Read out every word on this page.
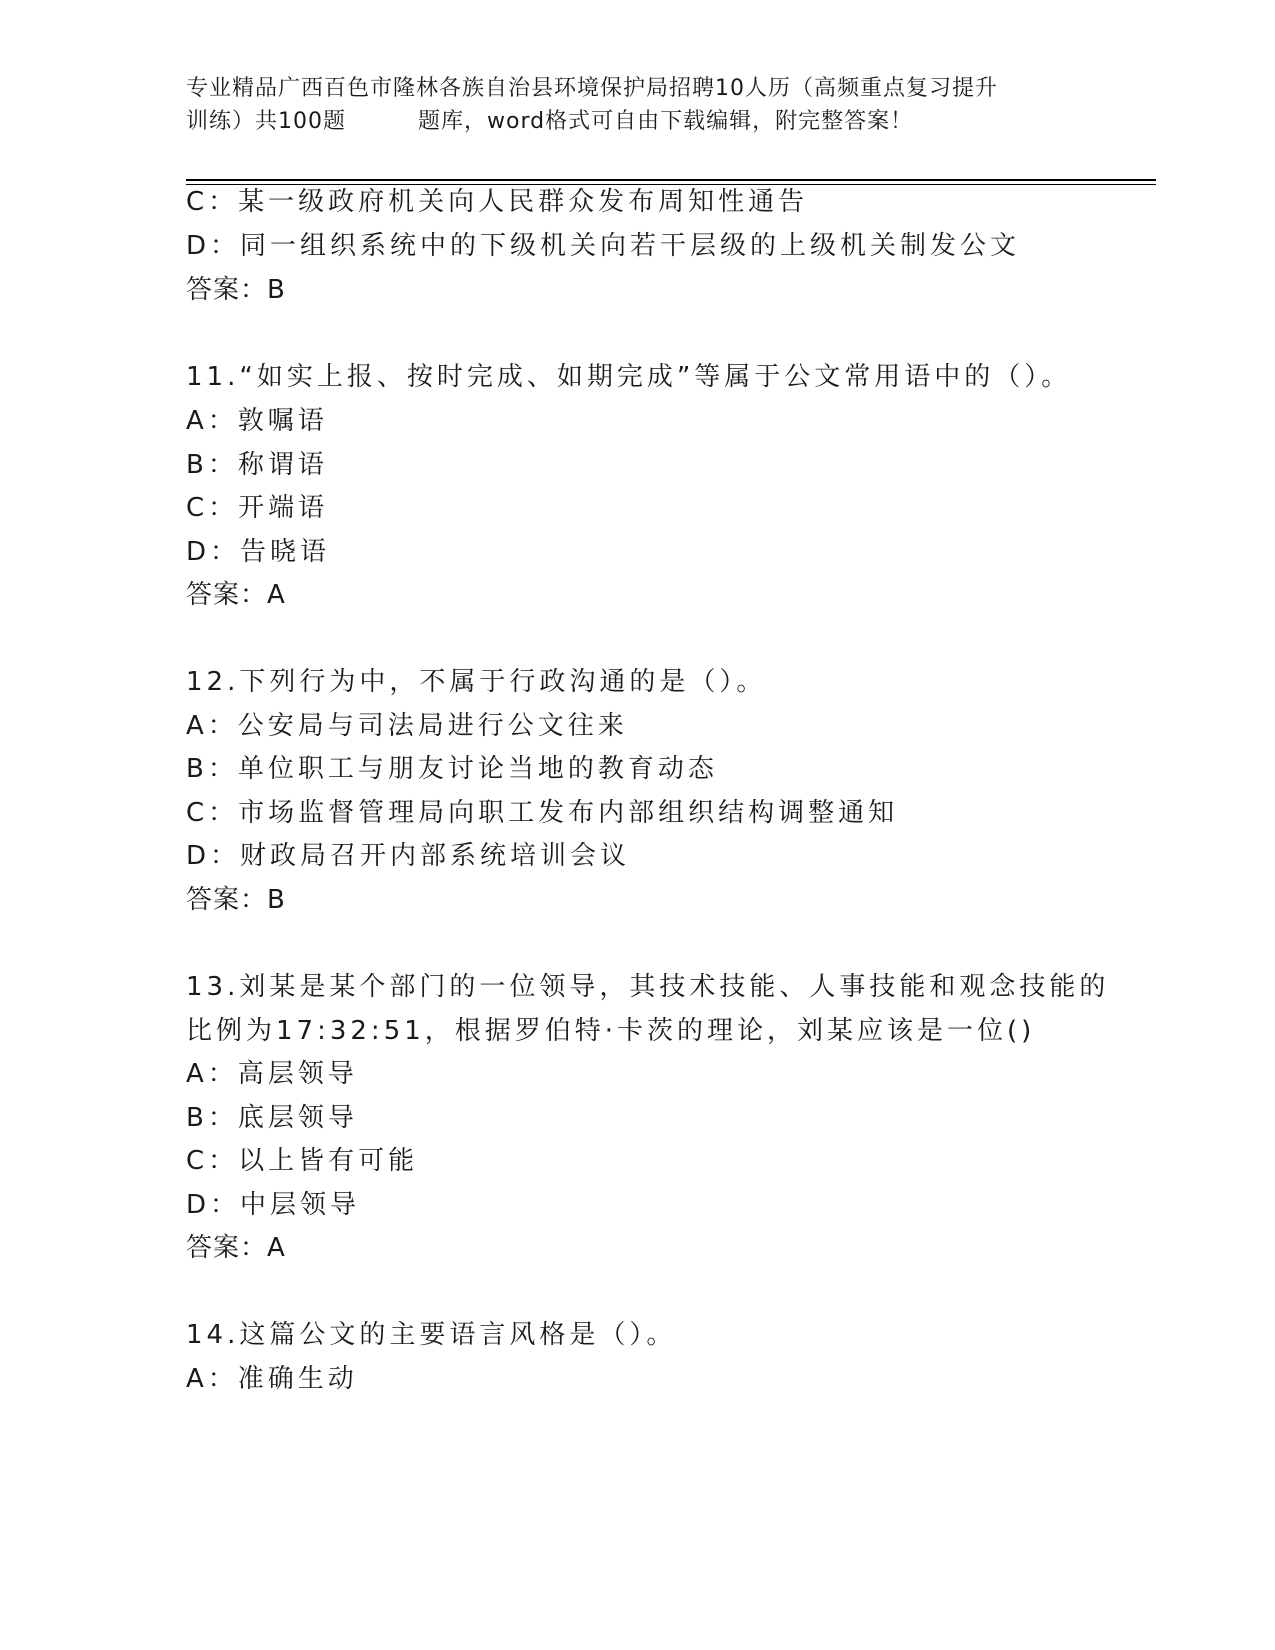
专业精品广西百色市隆林各族自治县环境保护局招聘10人历（高频重点复习提升
训练）共100题	题库，word格式可自由下载编辑，附完整答案！
C：某一级政府机关向人民群众发布周知性通告
D：同一组织系统中的下级机关向若干层级的上级机关制发公文
答案：B
11.“如实上报、按时完成、如期完成”等属于公文常用语中的（）。
A：敦嘱语
B：称谓语
C：开端语
D：告晓语
答案：A
12.下列行为中，不属于行政沟通的是（）。
A：公安局与司法局进行公文往来
B：单位职工与朋友讨论当地的教育动态
C：市场监督管理局向职工发布内部组织结构调整通知
D：财政局召开内部系统培训会议
答案：B
13.刘某是某个部门的一位领导，其技术技能、人事技能和观念技能的
比例为17:32:51，根据罗伯特·卡茨的理论，刘某应该是一位()
A：高层领导
B：底层领导
C：以上皆有可能
D：中层领导
答案：A
14.这篇公文的主要语言风格是（）。
A：准确生动
